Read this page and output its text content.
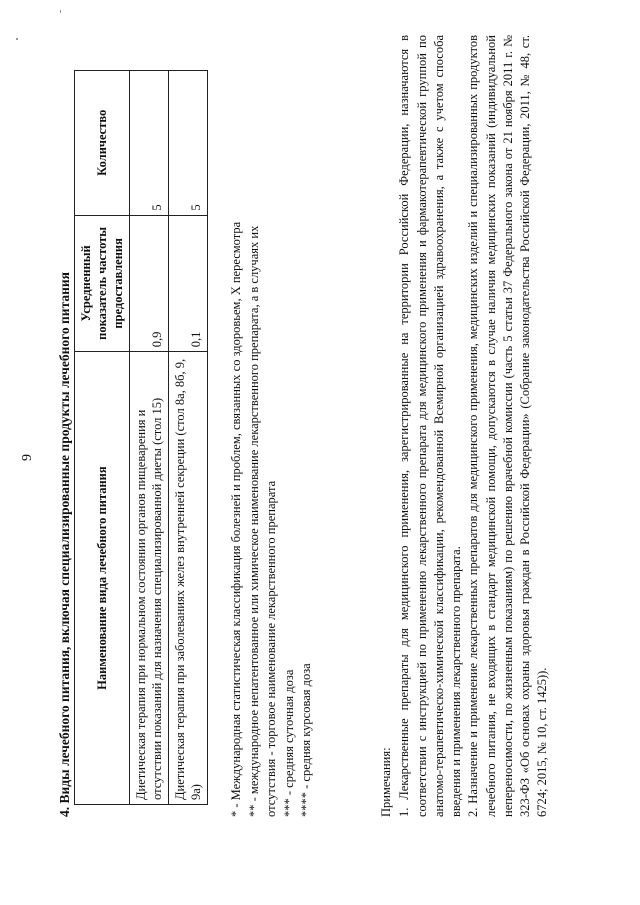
9 4. Виды лечебного питания, включая специализированные продукты лечебного питания Наименование вида лечебного питания	Усредненный показатель частоты предоставления	Количество
Диетическая терапия при нормальном состоянии органов пищеварения и отсутствии показаний для назначения специализированной диеты (стол 15)	0,9	5
Диетическая терапия при заболеваниях желез внутренней секреции (стол 8а, 8б, 9, 9а)	0,1	5
* - Международная статистическая классификация болезней и проблем, связанных со здоровьем, X пересмотра ** - международное непатентованное или химическое наименование лекарственного препарата, а в случаях их отсутствия - торговое наименование лекарственного препарата *** - средняя суточная доза **** - средняя курсовая доза	Примечания: 1. Лекарственные препараты для медицинского применения, зарегистрированные на территории Российской Федерации, назначаются в соответствии с инструкцией по применению лекарственного препарата для медицинского применения и фармакотерапевтической группой по анатомо-терапевтическо-химической классификации, рекомендованной Всемирной организацией здравоохранения, а также с учетом способа введения и применения лекарственного препарата. 2. Назначение и применение лекарственных препаратов для медицинского применения, медицинских изделий и специализированных продуктов лечебного питания, не входящих в стандарт медицинской помощи, допускаются в случае наличия медицинских показаний (индивидуальной непереносимости, по жизненным показаниям) по решению врачебной комиссии (часть 5 статьи 37 Федерального закона от 21 ноября 2011 г. № 323-ФЗ «Об основах охраны здоровья граждан в Российской Федерации» (Собрание законодательства Российской Федерации, 2011, № 48, ст. 6724; 2015, № 10, ст. 1425)).
